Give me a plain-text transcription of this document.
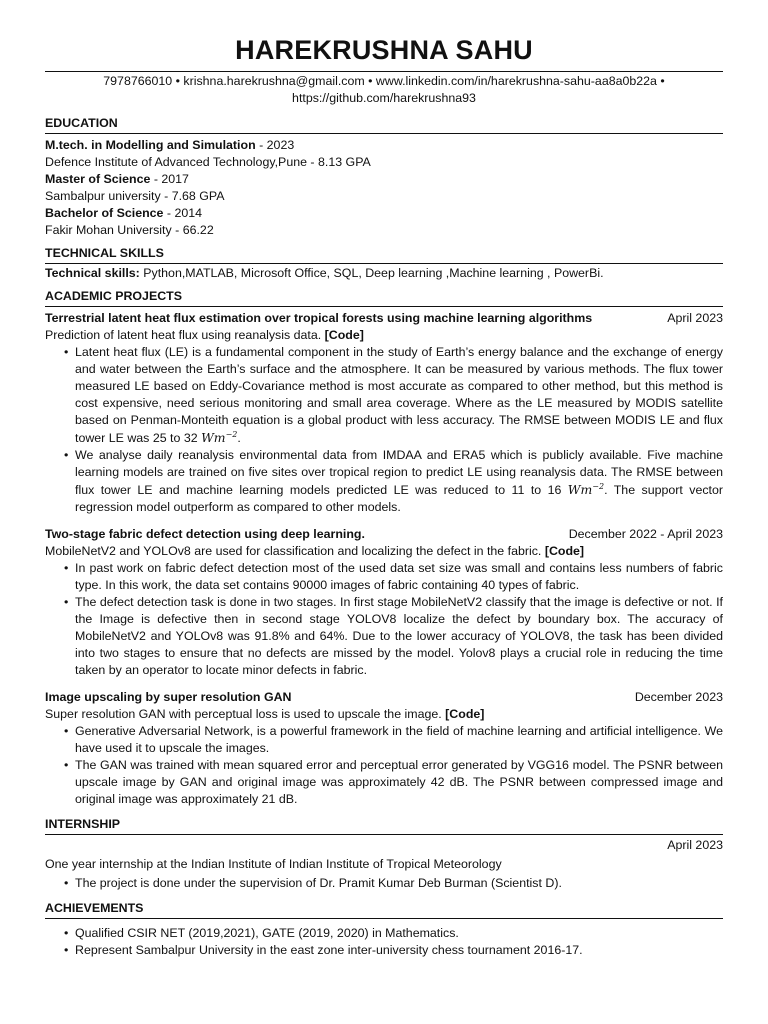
HAREKRUSHNA SAHU
7978766010 • krishna.harekrushna@gmail.com • www.linkedin.com/in/harekrushna-sahu-aa8a0b22a •
https://github.com/harekrushna93
EDUCATION
M.tech. in Modelling and Simulation - 2023
Defence Institute of Advanced Technology,Pune - 8.13 GPA
Master of Science - 2017
Sambalpur university - 7.68 GPA
Bachelor of Science - 2014
Fakir Mohan University - 66.22
TECHNICAL SKILLS
Technical skills: Python,MATLAB, Microsoft Office, SQL, Deep learning ,Machine learning , PowerBi.
ACADEMIC PROJECTS
Terrestrial latent heat flux estimation over tropical forests using machine learning algorithms	April 2023
Prediction of latent heat flux using reanalysis data. [Code]
• Latent heat flux (LE) is a fundamental component in the study of Earth’s energy balance and the exchange of energy and water between the Earth’s surface and the atmosphere. It can be measured by various methods. The flux tower measured LE based on Eddy-Covariance method is most accurate as compared to other method, but this method is cost expensive, need serious monitoring and small area coverage. Where as the LE measured by MODIS satellite based on Penman-Monteith equation is a global product with less accuracy. The RMSE between MODIS LE and flux tower LE was 25 to 32 $Wm^{-2}$.
• We analyse daily reanalysis environmental data from IMDAA and ERA5 which is publicly available. Five machine learning models are trained on five sites over tropical region to predict LE using reanalysis data. The RMSE between flux tower LE and machine learning models predicted LE was reduced to 11 to 16 $Wm^{-2}$. The support vector regression model outperform as compared to other models.
Two-stage fabric defect detection using deep learning.	December 2022 - April 2023
MobileNetV2 and YOLOv8 are used for classification and localizing the defect in the fabric. [Code]
• In past work on fabric defect detection most of the used data set size was small and contains less numbers of fabric type. In this work, the data set contains 90000 images of fabric containing 40 types of fabric.
• The defect detection task is done in two stages. In first stage MobileNetV2 classify that the image is defective or not. If the Image is defective then in second stage YOLOV8 localize the defect by boundary box. The accuracy of MobileNetV2 and YOLOv8 was 91.8% and 64%. Due to the lower accuracy of YOLOV8, the task has been divided into two stages to ensure that no defects are missed by the model. Yolov8 plays a crucial role in reducing the time taken by an operator to locate minor defects in fabric.
Image upscaling by super resolution GAN	December 2023
Super resolution GAN with perceptual loss is used to upscale the image. [Code]
• Generative Adversarial Network, is a powerful framework in the field of machine learning and artificial intelligence. We have used it to upscale the images.
• The GAN was trained with mean squared error and perceptual error generated by VGG16 model. The PSNR between upscale image by GAN and original image was approximately 42 dB. The PSNR between compressed image and original image was approximately 21 dB.
INTERNSHIP
April 2023
One year internship at the Indian Institute of Indian Institute of Tropical Meteorology
• The project is done under the supervision of Dr. Pramit Kumar Deb Burman (Scientist D).
ACHIEVEMENTS
• Qualified CSIR NET (2019,2021), GATE (2019, 2020) in Mathematics.
• Represent Sambalpur University in the east zone inter-university chess tournament 2016-17.
